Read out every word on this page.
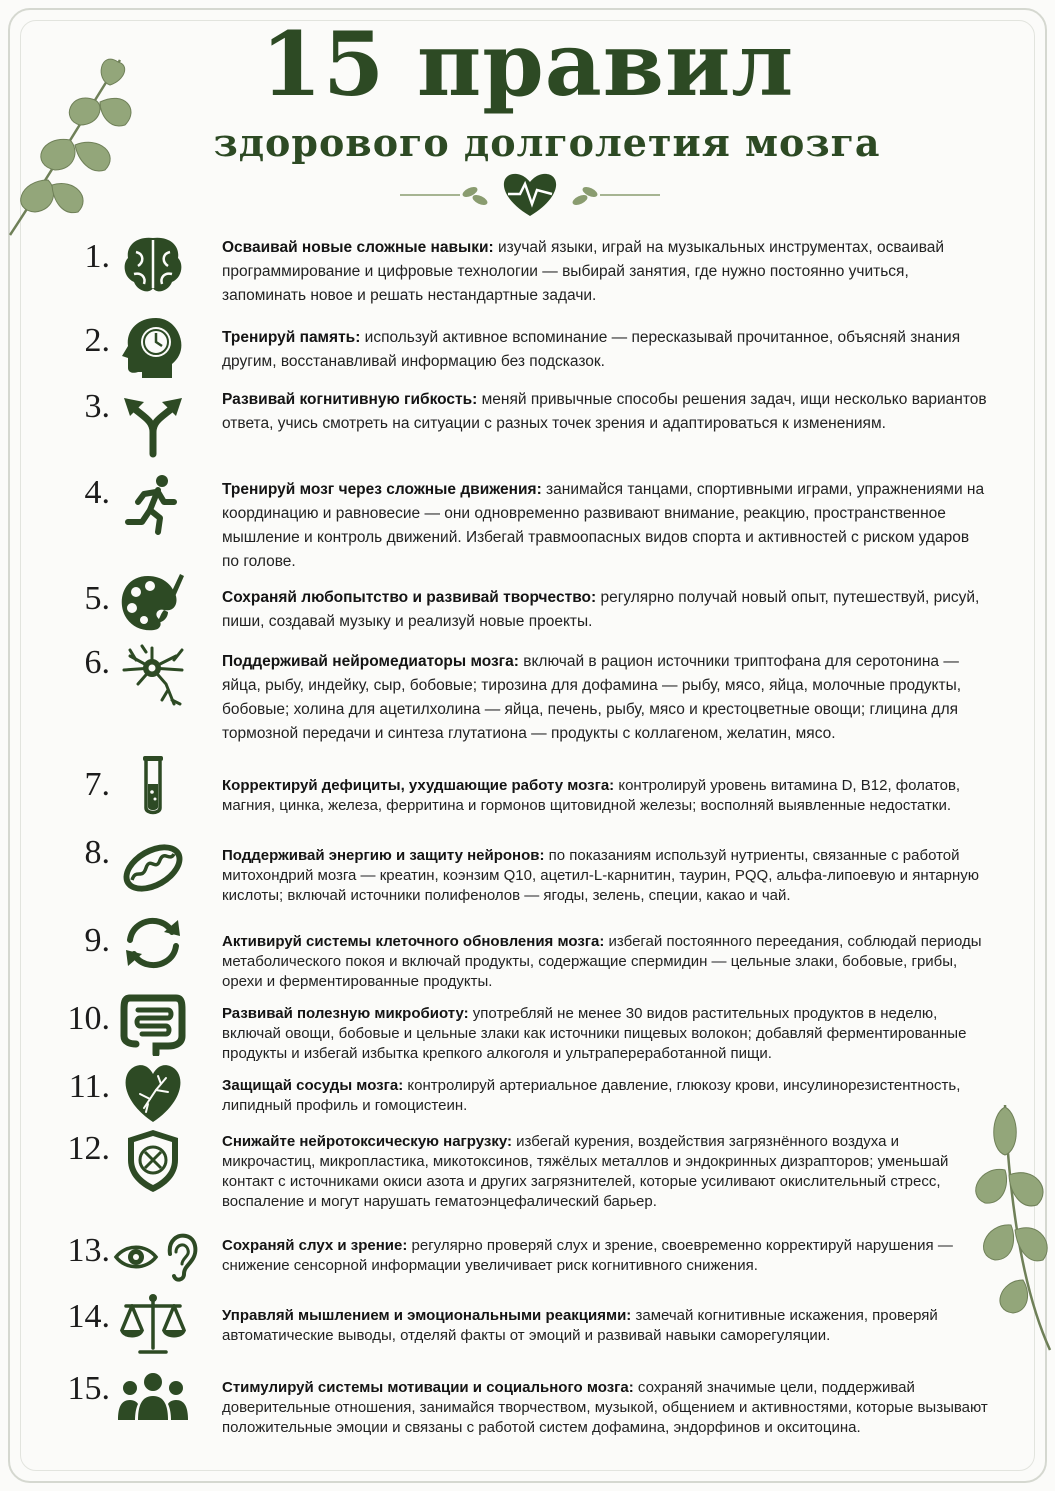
15 правил
здорового долголетия мозга
1.	Осваивай новые сложные навыки: изучай языки, играй на музыкальных инструментах, осваивай программирование и цифровые технологии — выбирай занятия, где нужно постоянно учиться, запоминать новое и решать нестандартные задачи.
2.	Тренируй память: используй активное вспоминание — пересказывай прочитанное, объясняй знания другим, восстанавливай информацию без подсказок.
3.	Развивай когнитивную гибкость: меняй привычные способы решения задач, ищи несколько вариантов ответа, учись смотреть на ситуации с разных точек зрения и адаптироваться к изменениям.
4.	Тренируй мозг через сложные движения: занимайся танцами, спортивными играми, упражнениями на координацию и равновесие — они одновременно развивают внимание, реакцию, пространственное мышление и контроль движений. Избегай травмоопасных видов спорта и активностей с риском ударов по голове.
5.	Сохраняй любопытство и развивай творчество: регулярно получай новый опыт, путешествуй, рисуй, пиши, создавай музыку и реализуй новые проекты.
6.	Поддерживай нейромедиаторы мозга: включай в рацион источники триптофана для серотонина — яйца, рыбу, индейку, сыр, бобовые; тирозина для дофамина — рыбу, мясо, яйца, молочные продукты, бобовые; холина для ацетилхолина — яйца, печень, рыбу, мясо и крестоцветные овощи; глицина для тормозной передачи и синтеза глутатиона — продукты с коллагеном, желатин, мясо.
7.	Корректируй дефициты, ухудшающие работу мозга: контролируй уровень витамина D, B12, фолатов, магния, цинка, железа, ферритина и гормонов щитовидной железы; восполняй выявленные недостатки.
8.	Поддерживай энергию и защиту нейронов: по показаниям используй нутриенты, связанные с работой митохондрий мозга — креатин, коэнзим Q10, ацетил-L-карнитин, таурин, PQQ, альфа-липоевую и янтарную кислоты; включай источники полифенолов — ягоды, зелень, специи, какао и чай.
9.	Активируй системы клеточного обновления мозга: избегай постоянного переедания, соблюдай периоды метаболического покоя и включай продукты, содержащие спермидин — цельные злаки, бобовые, грибы, орехи и ферментированные продукты.
10.	Развивай полезную микробиоту: употребляй не менее 30 видов растительных продуктов в неделю, включай овощи, бобовые и цельные злаки как источники пищевых волокон; добавляй ферментированные продукты и избегай избытка крепкого алкоголя и ультрапереработанной пищи.
11.	Защищай сосуды мозга: контролируй артериальное давление, глюкозу крови, инсулинорезистентность, липидный профиль и гомоцистеин.
12.	Снижайте нейротоксическую нагрузку: избегай курения, воздействия загрязнённого воздуха и микрочастиц, микропластика, микотоксинов, тяжёлых металлов и эндокринных дизрапторов; уменьшай контакт с источниками окиси азота и других загрязнителей, которые усиливают окислительный стресс, воспаление и могут нарушать гематоэнцефалический барьер.
13.	Сохраняй слух и зрение: регулярно проверяй слух и зрение, своевременно корректируй нарушения — снижение сенсорной информации увеличивает риск когнитивного снижения.
14.	Управляй мышлением и эмоциональными реакциями: замечай когнитивные искажения, проверяй автоматические выводы, отделяй факты от эмоций и развивай навыки саморегуляции.
15.	Стимулируй системы мотивации и социального мозга: сохраняй значимые цели, поддерживай доверительные отношения, занимайся творчеством, музыкой, общением и активностями, которые вызывают положительные эмоции и связаны с работой систем дофамина, эндорфинов и окситоцина.
